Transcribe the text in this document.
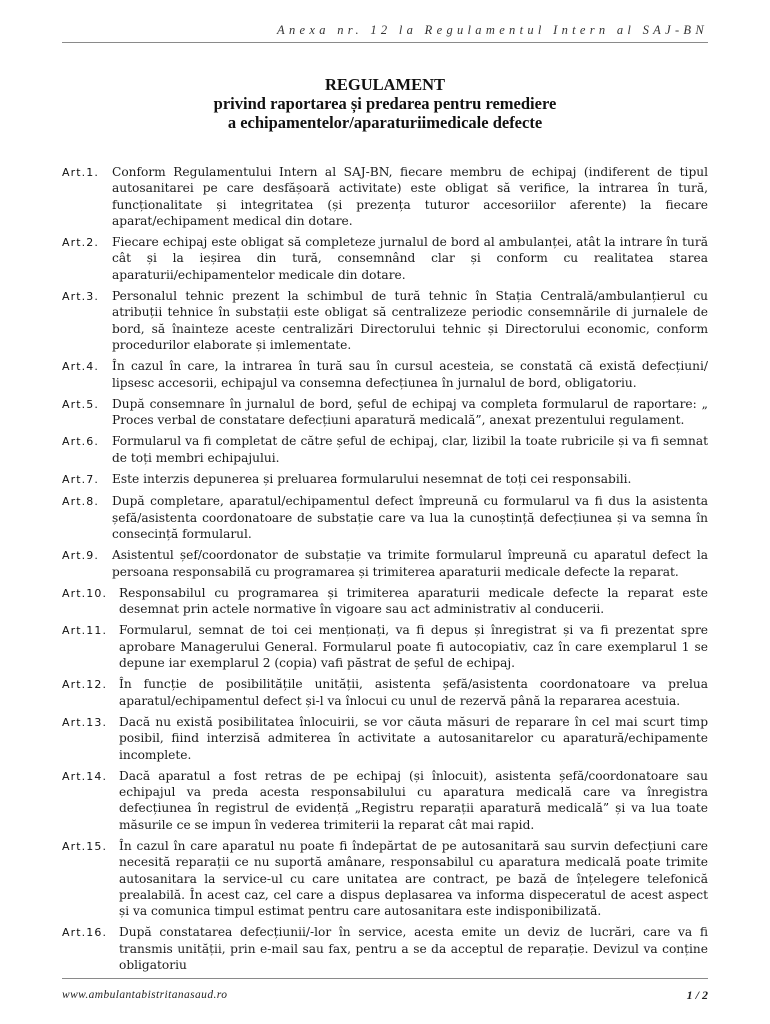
Anexa nr. 12 la Regulamentul Intern al SAJ-BN
REGULAMENT
privind raportarea și predarea pentru remediere
a echipamentelor/aparaturiimedicale defecte
Art.1.	Conform Regulamentului Intern al SAJ-BN, fiecare membru de echipaj (indiferent de tipul autosanitarei pe care desfășoară activitate) este obligat să verifice, la intrarea în tură, funcționalitate și integritatea (și prezența tuturor accesoriilor aferente) la fiecare aparat/echipament medical din dotare.
Art.2.	Fiecare echipaj este obligat să completeze jurnalul de bord al ambulanței, atât la intrare în tură cât și la ieșirea din tură, consemnând clar și conform cu realitatea starea aparaturii/echipamentelor medicale din dotare.
Art.3.	Personalul tehnic prezent la schimbul de tură tehnic în Stația Centrală/ambulanțierul cu atribuții tehnice în substații este obligat să centralizeze periodic consemnările di jurnalele de bord, să înainteze aceste centralizări Directorului tehnic și Directorului economic, conform procedurilor elaborate și imlementate.
Art.4.	În cazul în care, la intrarea în tură sau în cursul acesteia, se constată că există defecțiuni/ lipsesc accesorii, echipajul va consemna defecțiunea în jurnalul de bord, obligatoriu.
Art.5.	După consemnare în jurnalul de bord, șeful de echipaj va completa formularul de raportare: „ Proces verbal de constatare defecțiuni aparatură medicală”, anexat prezentului regulament.
Art.6.	Formularul va fi completat de către șeful de echipaj, clar, lizibil la toate rubricile și va fi semnat de toți membri echipajului.
Art.7.	Este interzis depunerea și preluarea formularului nesemnat de toți cei responsabili.
Art.8.	După completare, aparatul/echipamentul defect împreună cu formularul va fi dus la asistenta șefă/asistenta coordonatoare de substație care va lua la cunoștință defecțiunea și va semna în consecință formularul.
Art.9.	Asistentul șef/coordonator de substație va trimite formularul împreună cu aparatul defect la persoana responsabilă cu programarea și trimiterea aparaturii medicale defecte la reparat.
Art.10. Responsabilul cu programarea și trimiterea aparaturii medicale defecte la reparat este desemnat prin actele normative în vigoare sau act administrativ al conducerii.
Art.11. Formularul, semnat de toi cei menționați, va fi depus și înregistrat și va fi prezentat spre aprobare Managerului General. Formularul poate fi autocopiativ, caz în care exemplarul 1 se depune iar exemplarul 2 (copia) vafi păstrat de șeful de echipaj.
Art.12. În funcție de posibilitățile unității, asistenta șefă/asistenta coordonatoare va prelua aparatul/echipamentul defect și-l va înlocui cu unul de rezervă până la repararea acestuia.
Art.13. Dacă nu există posibilitatea înlocuirii, se vor căuta măsuri de reparare în cel mai scurt timp posibil, fiind interzisă admiterea în activitate a autosanitarelor cu aparatură/echipamente incomplete.
Art.14. Dacă aparatul a fost retras de pe echipaj (și înlocuit), asistenta șefă/coordonatoare sau echipajul va preda acesta responsabilului cu aparatura medicală care va înregistra defecțiunea în registrul de evidență „Registru reparații aparatură medicală” și va lua toate măsurile ce se impun în vederea trimiterii la reparat cât mai rapid.
Art.15. În cazul în care aparatul nu poate fi îndepărtat de pe autosanitară sau survin defecțiuni care necesită reparații ce nu suportă amânare, responsabilul cu aparatura medicală poate trimite autosanitara la service-ul cu care unitatea are contract, pe bază de înțelegere telefonică prealabilă. În acest caz, cel care a dispus deplasarea va informa dispeceratul de acest aspect și va comunica timpul estimat pentru care autosanitara este indisponibilizată.
Art.16. După constatarea defecțiunii/-lor în service, acesta emite un deviz de lucrări, care va fi transmis unității, prin e-mail sau fax, pentru a se da acceptul de reparație. Devizul va conține obligatoriu
www.ambulantabistritanasaud.ro	1 / 2
